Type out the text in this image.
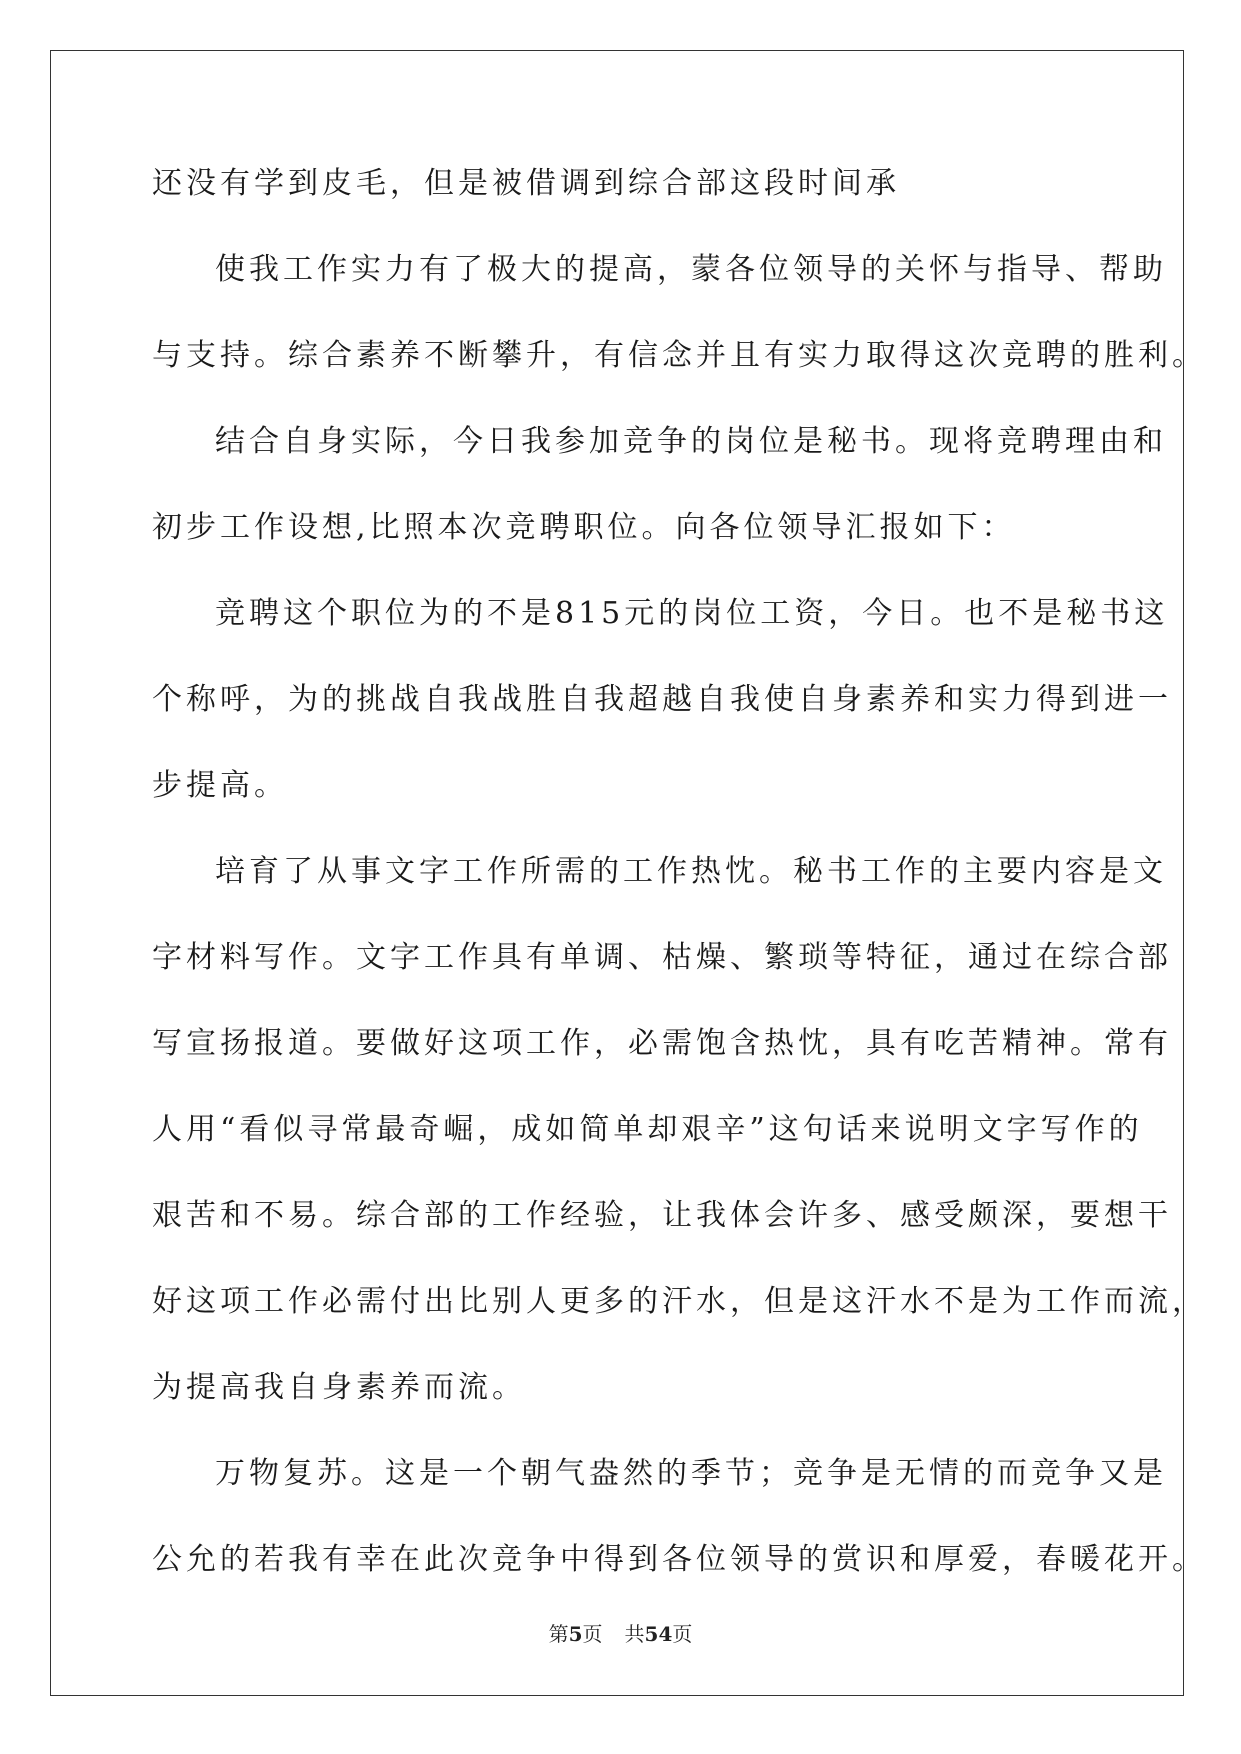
还没有学到皮毛，但是被借调到综合部这段时间承
使我工作实力有了极大的提高，蒙各位领导的关怀与指导、帮助
与支持。综合素养不断攀升，有信念并且有实力取得这次竞聘的胜利。
结合自身实际，今日我参加竞争的岗位是秘书。现将竞聘理由和
初步工作设想,比照本次竞聘职位。向各位领导汇报如下：
竞聘这个职位为的不是815元的岗位工资，今日。也不是秘书这
个称呼，为的挑战自我战胜自我超越自我使自身素养和实力得到进一
步提高。
培育了从事文字工作所需的工作热忱。秘书工作的主要内容是文
字材料写作。文字工作具有单调、枯燥、繁琐等特征，通过在综合部
写宣扬报道。要做好这项工作，必需饱含热忱，具有吃苦精神。常有
人用“看似寻常最奇崛，成如简单却艰辛”这句话来说明文字写作的
艰苦和不易。综合部的工作经验，让我体会许多、感受颇深，要想干
好这项工作必需付出比别人更多的汗水，但是这汗水不是为工作而流，
为提高我自身素养而流。
万物复苏。这是一个朝气盎然的季节；竞争是无情的而竞争又是
公允的若我有幸在此次竞争中得到各位领导的赏识和厚爱，春暖花开。
第5页 共54页
